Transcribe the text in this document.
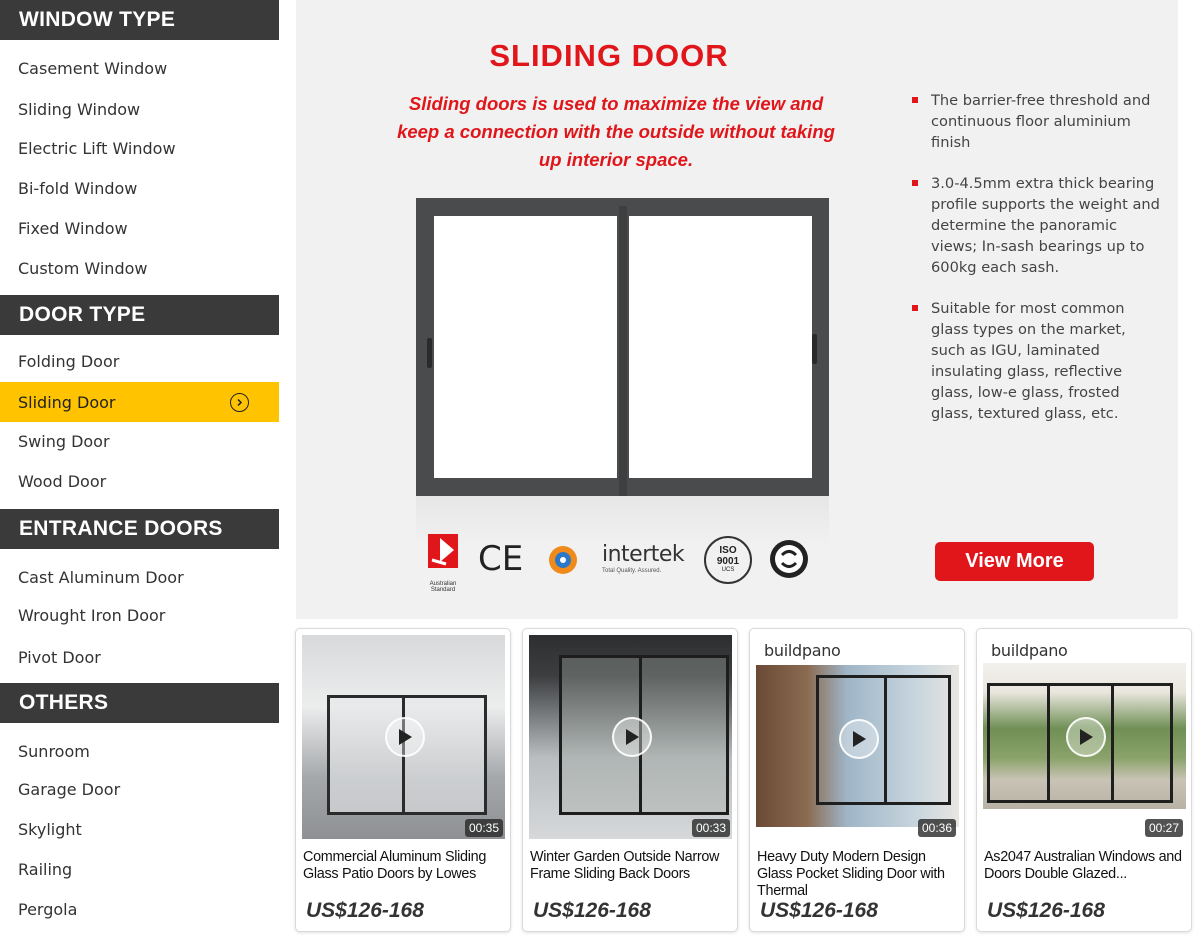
WINDOW TYPE
Casement Window
Sliding Window
Electric Lift Window
Bi-fold Window
Fixed Window
Custom Window
DOOR TYPE
Folding Door
Sliding Door
Swing Door
Wood Door
ENTRANCE DOORS
Cast Aluminum Door
Wrought Iron Door
Pivot Door
OTHERS
Sunroom
Garage Door
Skylight
Railing
Pergola
SLIDING DOOR
Sliding doors is used to maximize the view and keep a connection with the outside without taking up interior space.
The barrier-free threshold and continuous floor aluminium finish
3.0-4.5mm extra thick bearing profile supports the weight and determine the panoramic views; In-sash bearings up to 600kg each sash.
Suitable for most common glass types on the market, such as IGU, laminated insulating glass, reflective glass, low-e glass, frosted glass, textured glass, etc.
Australian Standard
CE	intertek
Total Quality. Assured.
ISO
9001
UCS	View More
00:35
Commercial Aluminum Sliding Glass Patio Doors by Lowes
US$126-168
00:33
Winter Garden Outside Narrow Frame Sliding Back Doors
US$126-168
buildpano
00:36
Heavy Duty Modern Design Glass Pocket Sliding Door with Thermal
US$126-168
buildpano
00:27
As2047 Australian Windows and Doors Double Glazed...
US$126-168
